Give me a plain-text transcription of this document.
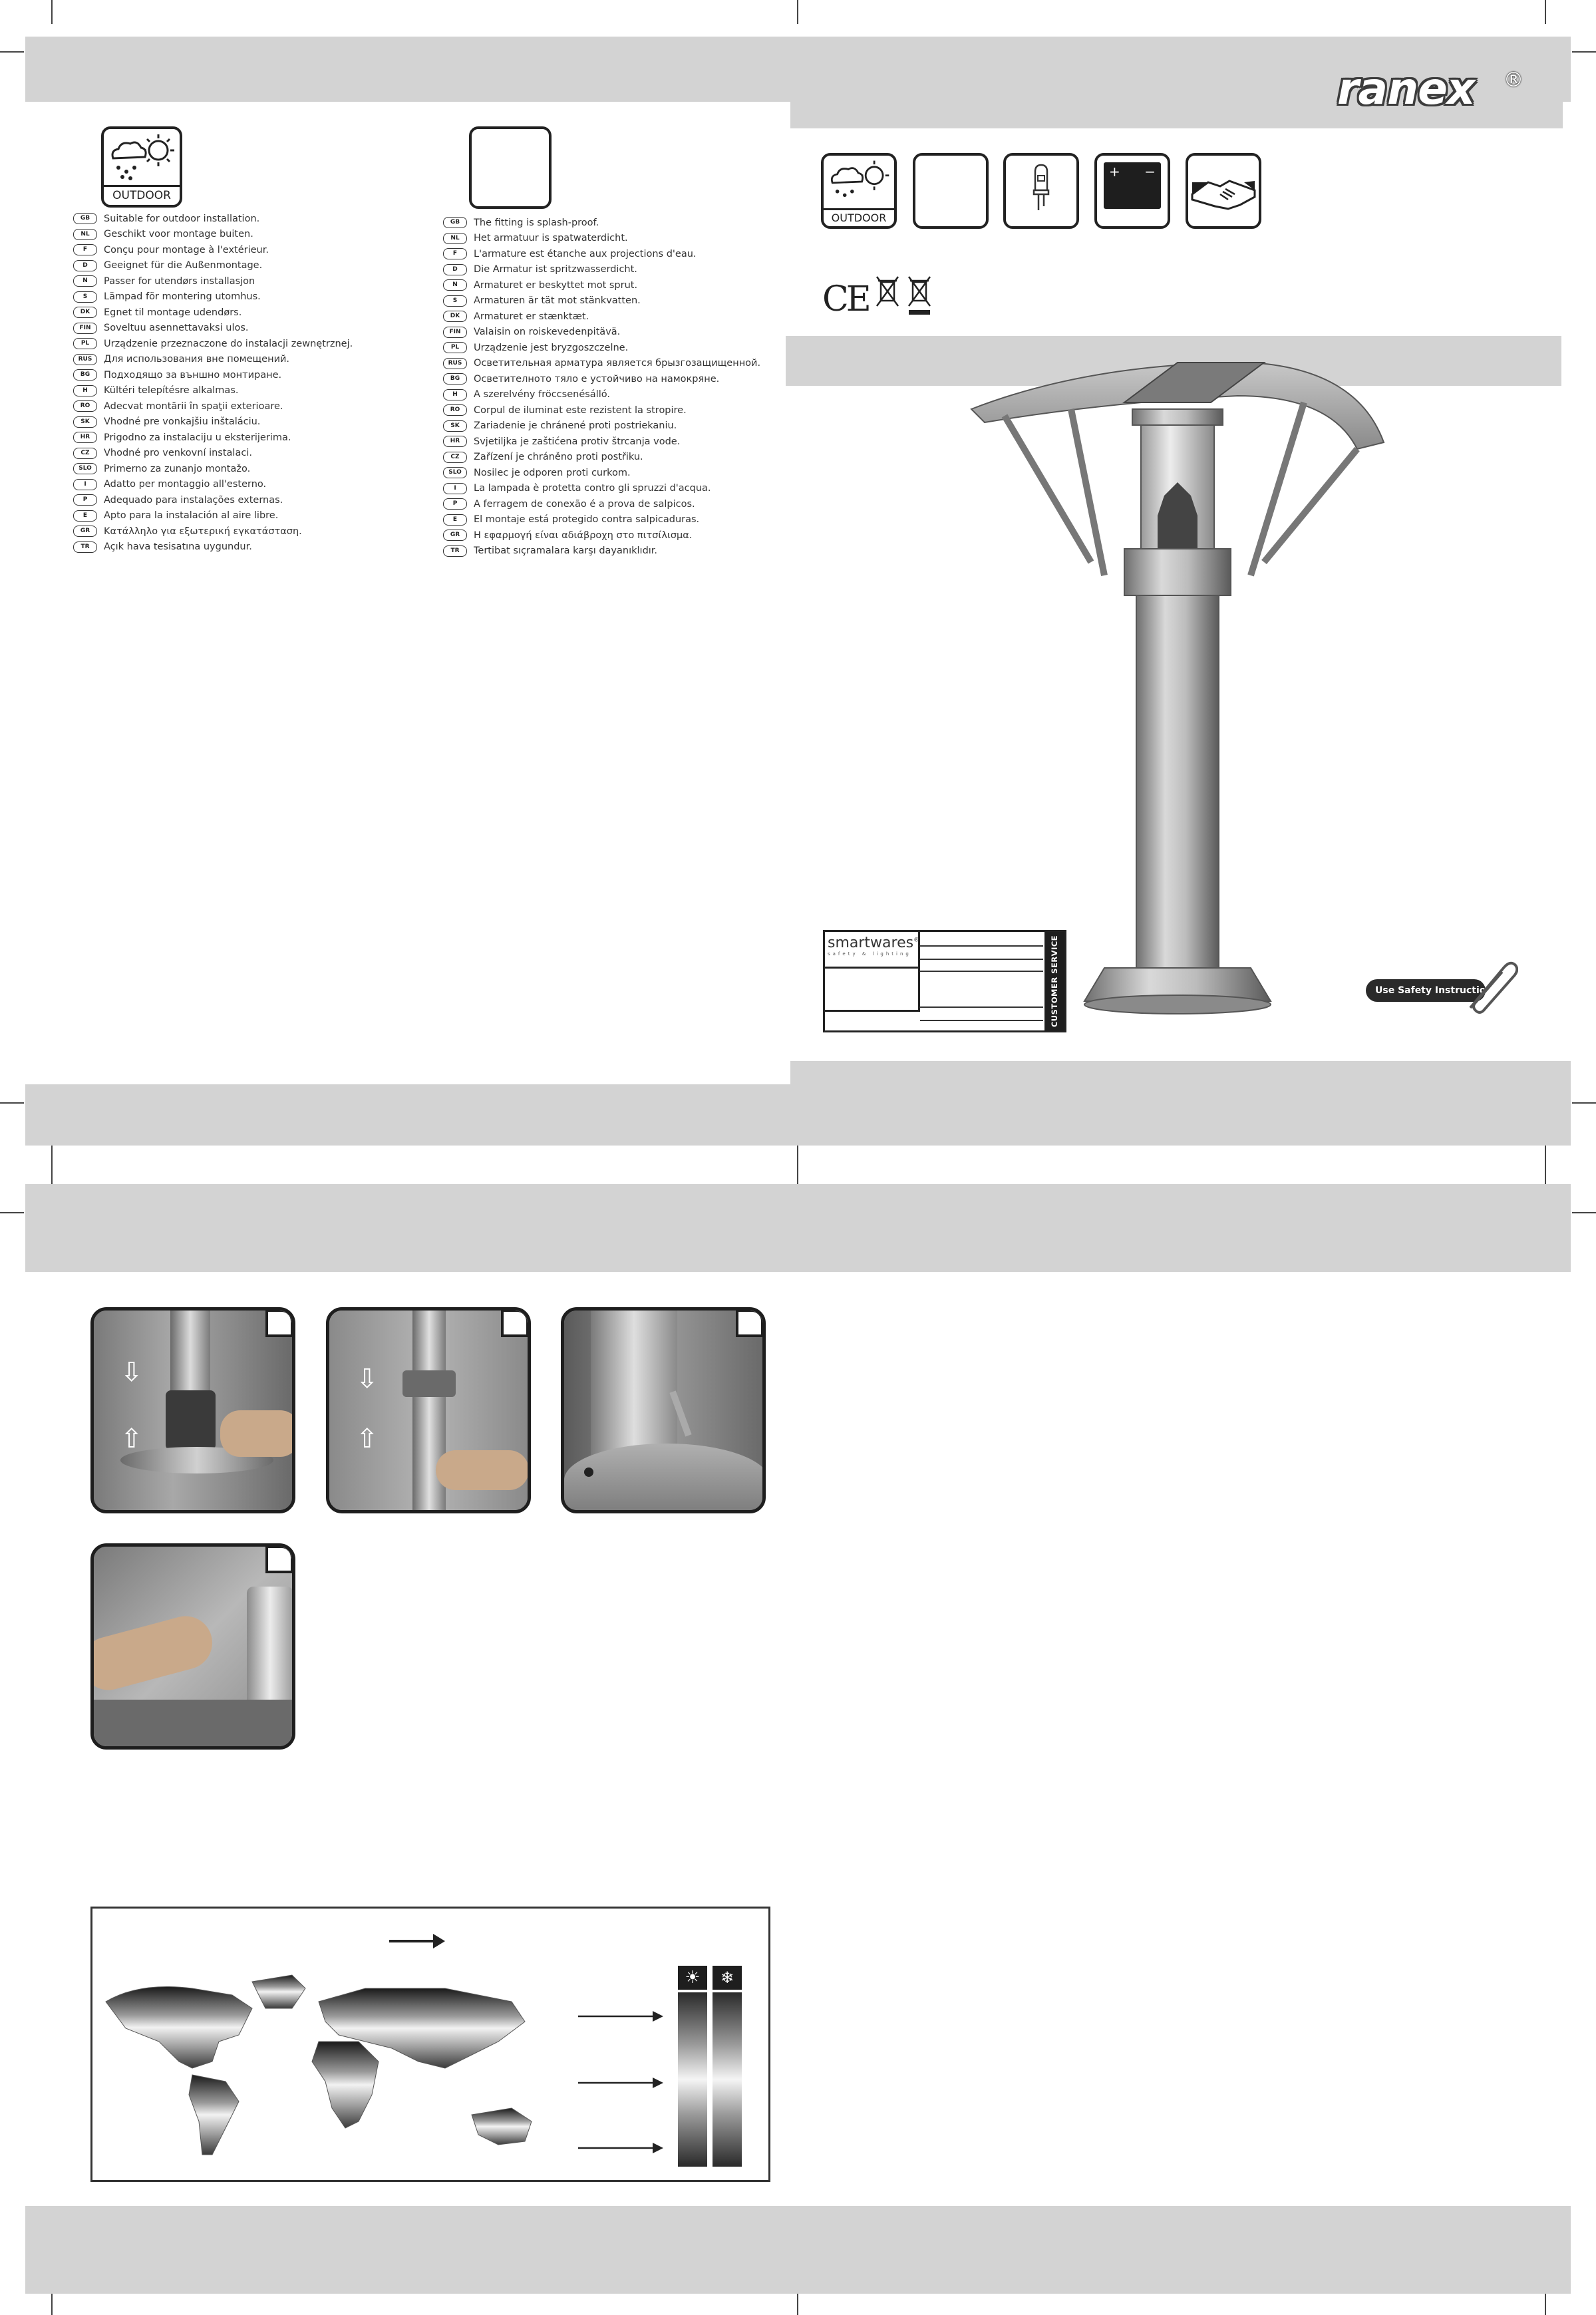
ranex ®
OUTDOOR
GB	Suitable for outdoor installation.
NL	Geschikt voor montage buiten.
F	Conçu pour montage à l'extérieur.
D	Geeignet für die Außenmontage.
N	Passer for utendørs installasjon
S	Lämpad för montering utomhus.
DK	Egnet til montage udendørs.
FIN	Soveltuu asennettavaksi ulos.
PL	Urządzenie przeznaczone do instalacji zewnętrznej.
RUS	Для использования вне помещений.
BG	Подходящо за външно монтиране.
H	Kültéri telepítésre alkalmas.
RO	Adecvat montării în spaţii exterioare.
SK	Vhodné pre vonkajšiu inštaláciu.
HR	Prigodno za instalaciju u eksterijerima.
CZ	Vhodné pro venkovní instalaci.
SLO	Primerno za zunanjo montažo.
I	Adatto per montaggio all'esterno.
P	Adequado para instalações externas.
E	Apto para la instalación al aire libre.
GR	Κατάλληλο για εξωτερική εγκατάσταση.
TR	Açık hava tesisatına uygundur.
GB	The fitting is splash-proof.
NL	Het armatuur is spatwaterdicht.
F	L'armature est étanche aux projections d'eau.
D	Die Armatur ist spritzwasserdicht.
N	Armaturet er beskyttet mot sprut.
S	Armaturen är tät mot stänkvatten.
DK	Armaturet er stænktæt.
FIN	Valaisin on roiskevedenpitävä.
PL	Urządzenie jest bryzgoszczelne.
RUS	Осветительная арматура является брызгозащищенной.
BG	Осветителното тяло е устойчиво на намокряне.
H	A szerelvény fröccsenésálló.
RO	Corpul de iluminat este rezistent la stropire.
SK	Zariadenie je chránené proti postriekaniu.
HR	Svjetiljka je zaštićena protiv štrcanja vode.
CZ	Zařízení je chráněno proti postřiku.
SLO	Nosilec je odporen proti curkom.
I	La lampada è protetta contro gli spruzzi d'acqua.
P	A ferragem de conexão é a prova de salpicos.
E	El montaje está protegido contra salpicaduras.
GR	Η εφαρμογή είναι αδιάβροχη στο πιτσίλισμα.
TR	Tertibat sıçramalara karşı dayanıklıdır.
OUTDOOR
+ −
CE
smartwares®
safety & lighting	CUSTOMER SERVICE	Use Safety Instructions
⇩
⇧
⇩
⇧
☀	❄
